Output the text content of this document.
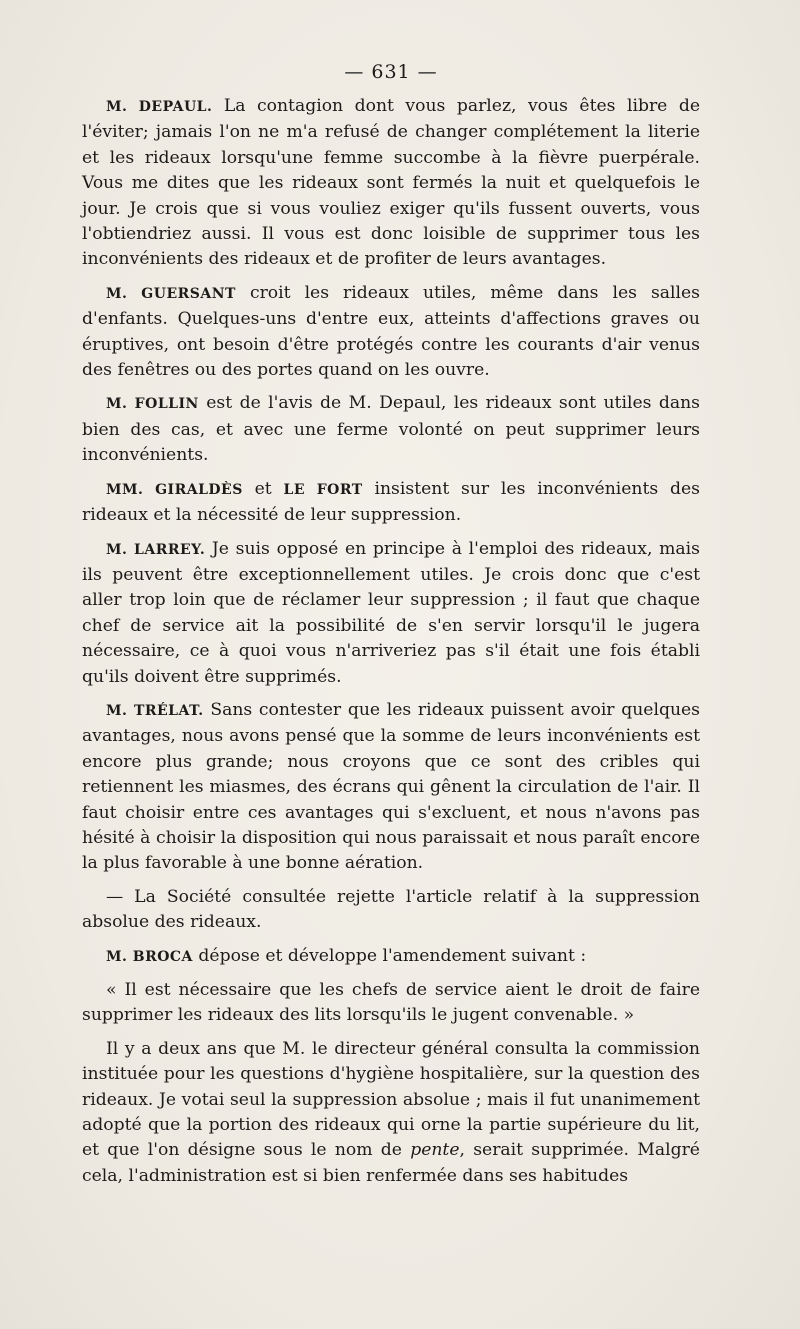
— 631 —

M. DEPAUL. La contagion dont vous parlez, vous êtes libre de l'éviter; jamais l'on ne m'a refusé de changer complétement la literie et les rideaux lorsqu'une femme succombe à la fièvre puerpérale. Vous me dites que les rideaux sont fermés la nuit et quelquefois le jour. Je crois que si vous vouliez exiger qu'ils fussent ouverts, vous l'obtiendriez aussi. Il vous est donc loisible de supprimer tous les inconvénients des rideaux et de profiter de leurs avantages.

M. GUERSANT croit les rideaux utiles, même dans les salles d'enfants. Quelques-uns d'entre eux, atteints d'affections graves ou éruptives, ont besoin d'être protégés contre les courants d'air venus des fenêtres ou des portes quand on les ouvre.

M. FOLLIN est de l'avis de M. Depaul, les rideaux sont utiles dans bien des cas, et avec une ferme volonté on peut supprimer leurs inconvénients.

MM. GIRALDÈS et LE FORT insistent sur les inconvénients des rideaux et la nécessité de leur suppression.

M. LARREY. Je suis opposé en principe à l'emploi des rideaux, mais ils peuvent être exceptionnellement utiles. Je crois donc que c'est aller trop loin que de réclamer leur suppression ; il faut que chaque chef de service ait la possibilité de s'en servir lorsqu'il le jugera nécessaire, ce à quoi vous n'arriveriez pas s'il était une fois établi qu'ils doivent être supprimés.

M. TRÉLAT. Sans contester que les rideaux puissent avoir quelques avantages, nous avons pensé que la somme de leurs inconvénients est encore plus grande; nous croyons que ce sont des cribles qui retiennent les miasmes, des écrans qui gênent la circulation de l'air. Il faut choisir entre ces avantages qui s'excluent, et nous n'avons pas hésité à choisir la disposition qui nous paraissait et nous paraît encore la plus favorable à une bonne aération.

— La Société consultée rejette l'article relatif à la suppression absolue des rideaux.

M. BROCA dépose et développe l'amendement suivant :

« Il est nécessaire que les chefs de service aient le droit de faire supprimer les rideaux des lits lorsqu'ils le jugent convenable. »

Il y a deux ans que M. le directeur général consulta la commission instituée pour les questions d'hygiène hospitalière, sur la question des rideaux. Je votai seul la suppression absolue ; mais il fut unanimement adopté que la portion des rideaux qui orne la partie supérieure du lit, et que l'on désigne sous le nom de pente, serait supprimée. Malgré cela, l'administration est si bien renfermée dans ses habitudes
